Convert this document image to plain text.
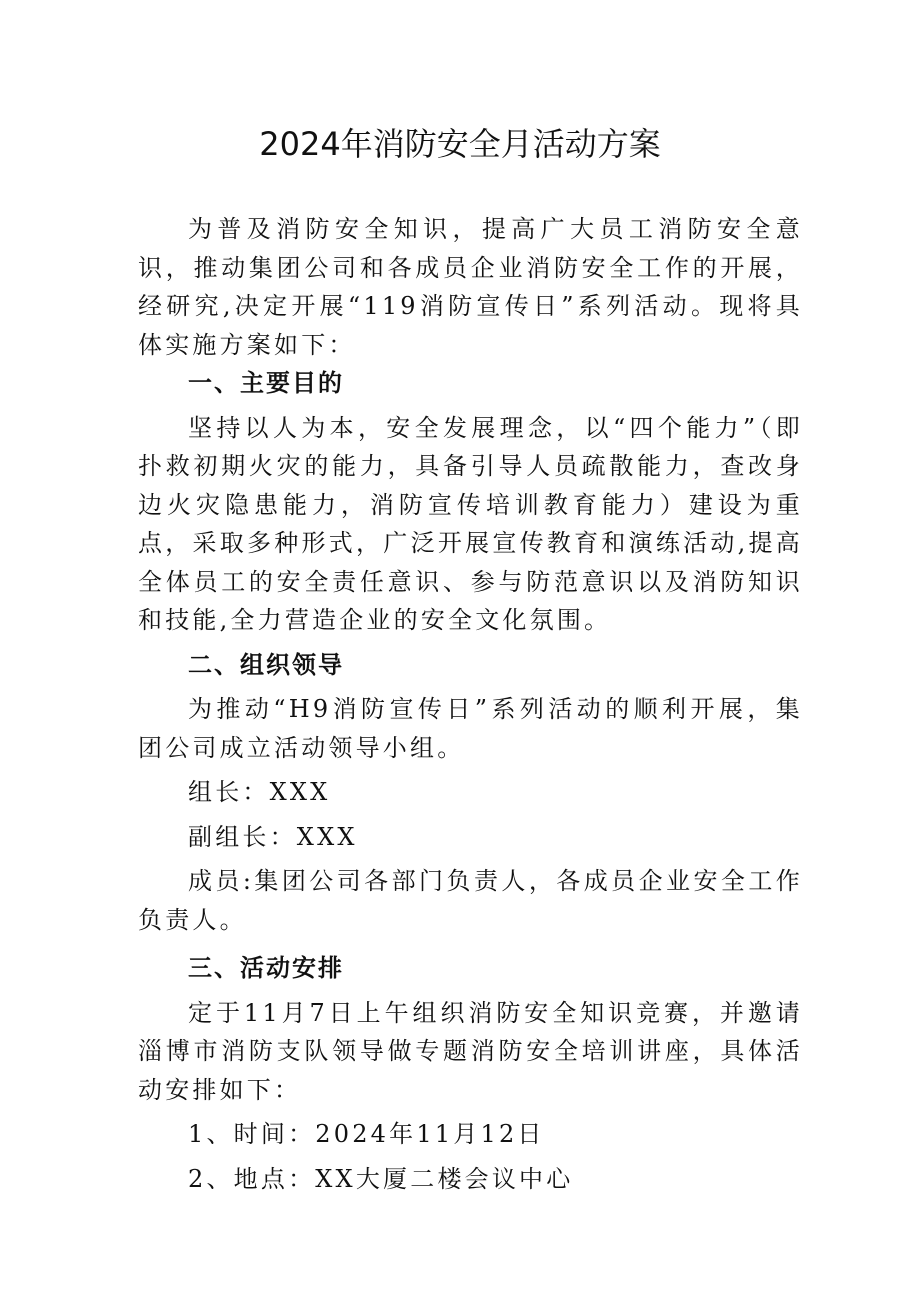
2024年消防安全月活动方案

为普及消防安全知识，提高广大员工消防安全意识，推动集团公司和各成员企业消防安全工作的开展，经研究,决定开展“119消防宣传日”系列活动。现将具体实施方案如下：

一、主要目的

坚持以人为本，安全发展理念，以“四个能力”（即扑救初期火灾的能力，具备引导人员疏散能力，查改身边火灾隐患能力，消防宣传培训教育能力）建设为重点，采取多种形式，广泛开展宣传教育和演练活动,提高全体员工的安全责任意识、参与防范意识以及消防知识和技能,全力营造企业的安全文化氛围。

二、组织领导

为推动“H9消防宣传日”系列活动的顺利开展，集团公司成立活动领导小组。

组长：XXX

副组长：XXX

成员:集团公司各部门负责人，各成员企业安全工作负责人。

三、活动安排

定于11月7日上午组织消防安全知识竞赛，并邀请淄博市消防支队领导做专题消防安全培训讲座，具体活动安排如下：

1、时间：2024年11月12日

2、地点：XX大厦二楼会议中心
